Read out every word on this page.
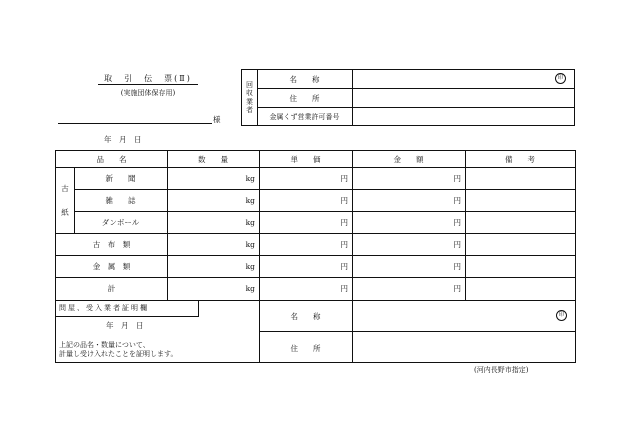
取　引　伝　票(Ⅱ)
(実施団体保存用)
様
年　月　日
回
収
業
者
名　　称
住　　所
金属くず営業許可番号
印
品　　名	数　　量	単　　価	金　　額	備　　考
古
紙
新　　聞	kg	円	円
雑　　誌	kg	円	円
ダンボール	kg	円	円
古　布　類	kg	円	円
金　属　類	kg	円	円
計	kg	円	円
問屋、受入業者証明欄
年　月　日
上記の品名・数量について、
計量し受け入れたことを証明します。
名　　称
住　　所
印
(河内長野市指定)
